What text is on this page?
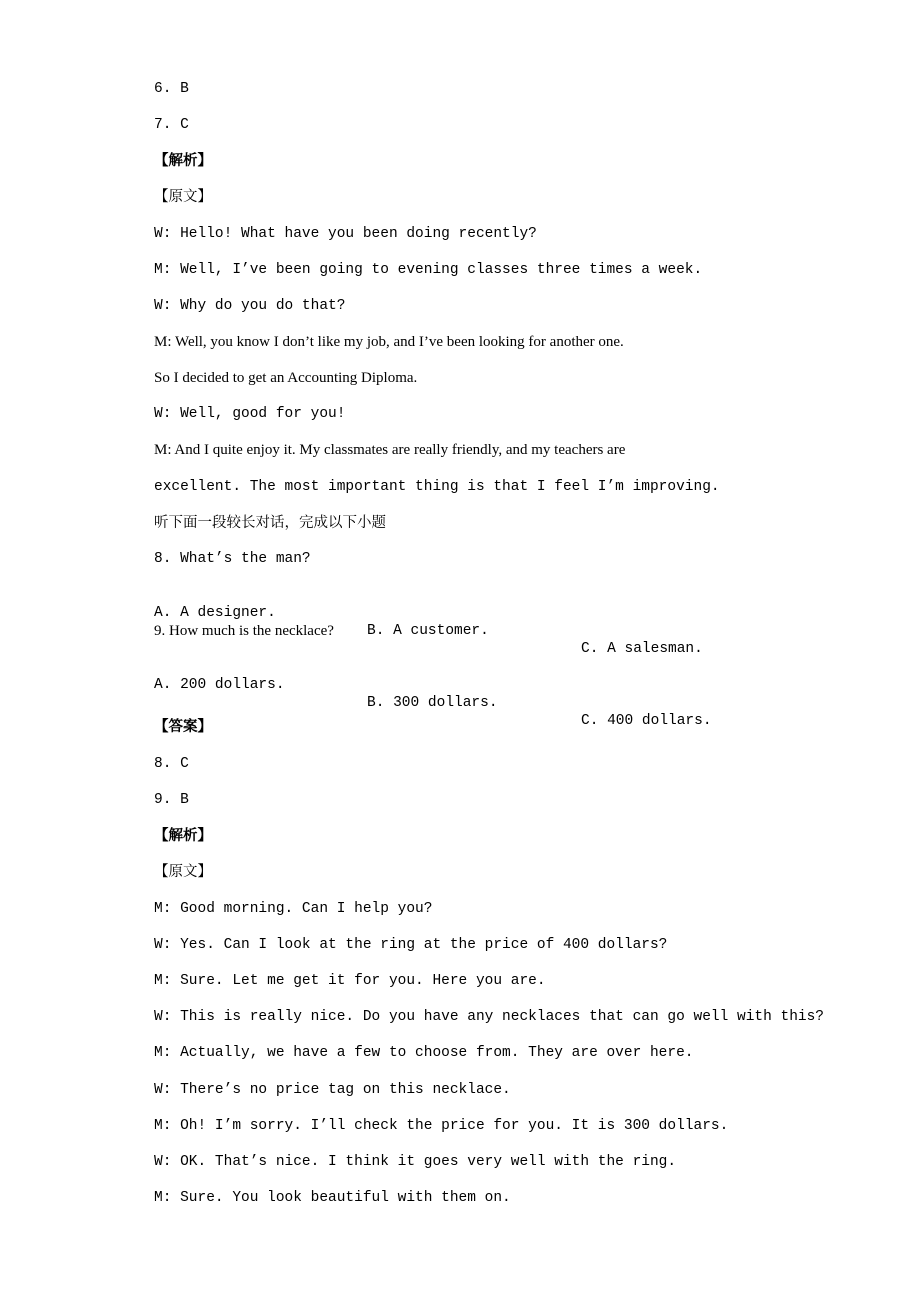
6. B
7. C
【解析】
【原文】
W: Hello! What have you been doing recently?
M: Well, I’ve been going to evening classes three times a week.
W: Why do you do that?
M: Well, you know I don’t like my job, and I’ve been looking for another one.
So I decided to get an Accounting Diploma.
W: Well, good for you!
M: And I quite enjoy it. My classmates are really friendly, and my teachers are
excellent. The most important thing is that I feel I’m improving.
听下面一段较长对话，完成以下小题
8. What’s the man?

A. A designer.

B. A customer.

C. A salesman.

9. How much is the necklace?

A. 200 dollars.

B. 300 dollars.

C. 400 dollars.

【答案】
8. C
9. B
【解析】
【原文】
M: Good morning. Can I help you?
W: Yes. Can I look at the ring at the price of 400 dollars?
M: Sure. Let me get it for you. Here you are.
W: This is really nice. Do you have any necklaces that can go well with this?
M: Actually, we have a few to choose from. They are over here.
W: There’s no price tag on this necklace.
M: Oh! I’m sorry. I’ll check the price for you. It is 300 dollars.
W: OK. That’s nice. I think it goes very well with the ring.
M: Sure. You look beautiful with them on.
